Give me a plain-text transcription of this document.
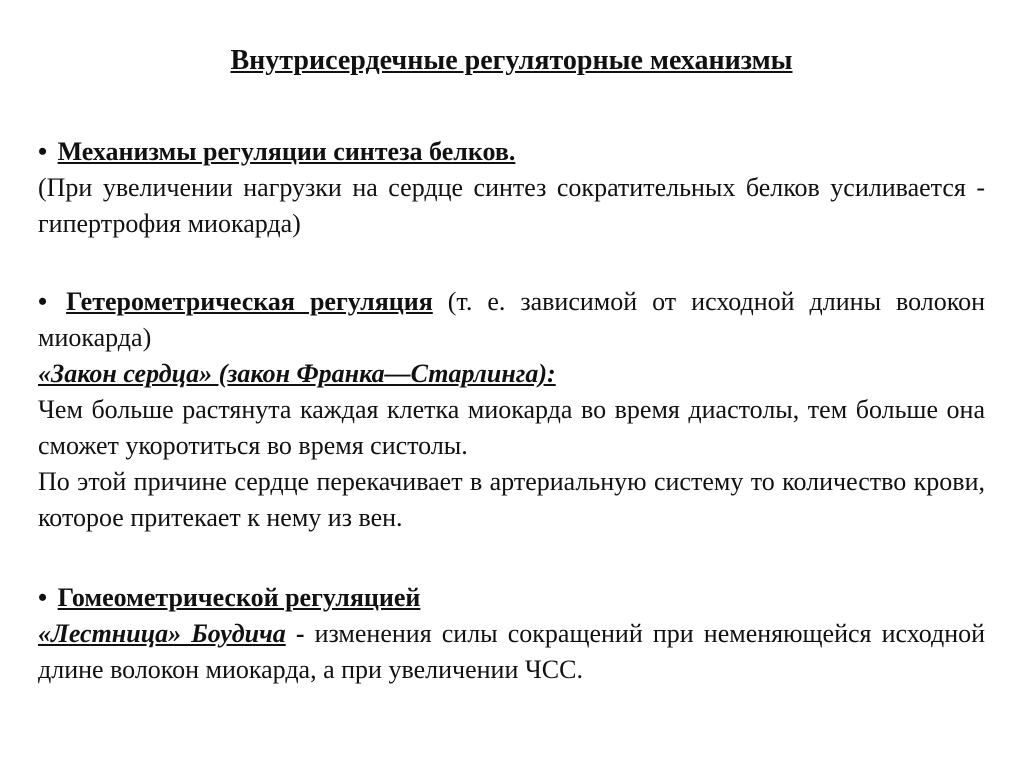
Внутрисердечные регуляторные механизмы

• Механизмы регуляции синтеза белков.

(При увеличении нагрузки на сердце синтез сократительных белков усиливается - гипертрофия миокарда)

• Гетерометрическая регуляция (т. е. зависимой от исходной длины волокон миокарда)

«Закон сердца» (закон Франка—Старлинга):

Чем больше растянута каждая клетка миокарда во время диастолы, тем больше она сможет укоротиться во время систолы.

По этой причине сердце перекачивает в артериальную систему то количество крови, которое притекает к нему из вен.

• Гомеометрической регуляцией

«Лестница» Боудича - изменения силы сокращений при неменяющейся исходной длине волокон миокарда, а при увеличении ЧСС.
